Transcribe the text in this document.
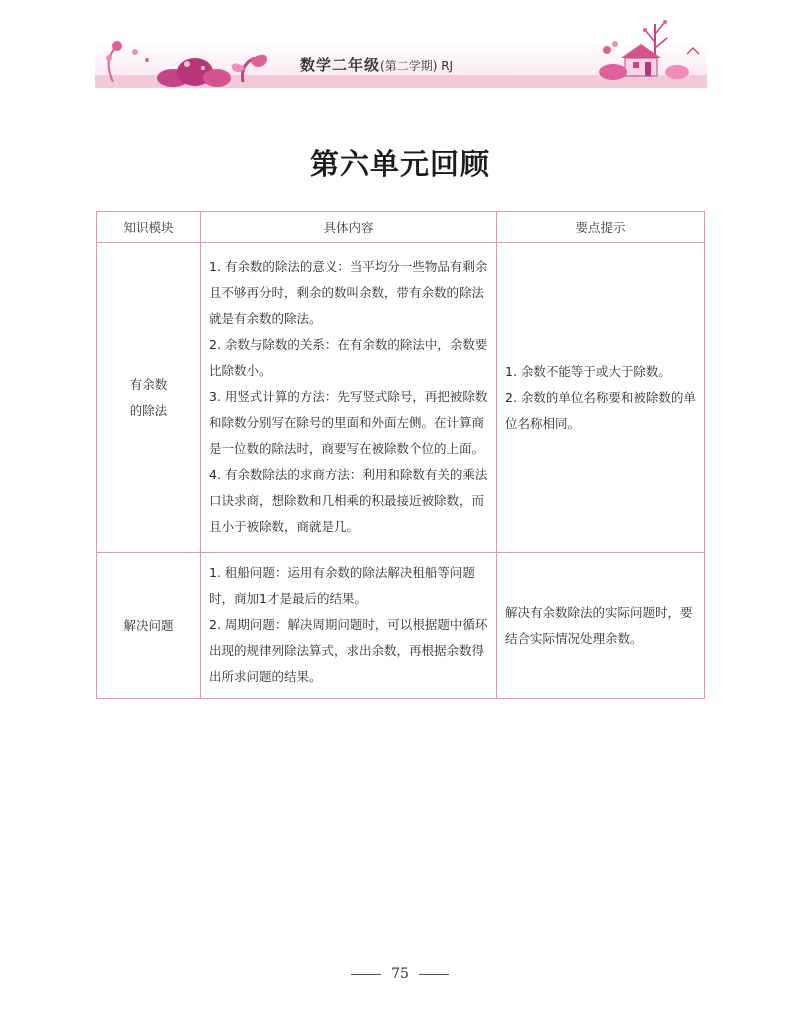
数学二年级(第二学期) RJ
第六单元回顾
知识模块	具体内容	要点提示
有余数的除法	1. 有余数的除法的意义：当平均分一些物品有剩余且不够再分时，剩余的数叫余数，带有余数的除法就是有余数的除法。
2. 余数与除数的关系：在有余数的除法中，余数要比除数小。
3. 用竖式计算的方法：先写竖式除号，再把被除数和除数分别写在除号的里面和外面左侧。在计算商是一位数的除法时，商要写在被除数个位的上面。
4. 有余数除法的求商方法：利用和除数有关的乘法口诀求商，想除数和几相乘的积最接近被除数，而且小于被除数，商就是几。	1. 余数不能等于或大于除数。
2. 余数的单位名称要和被除数的单位名称相同。

解决问题	1. 租船问题：运用有余数的除法解决租船等问题时，商加1才是最后的结果。
2. 周期问题：解决周期问题时，可以根据题中循环出现的规律列除法算式，求出余数，再根据余数得出所求问题的结果。	解决有余数除法的实际问题时，要结合实际情况处理余数。
75
